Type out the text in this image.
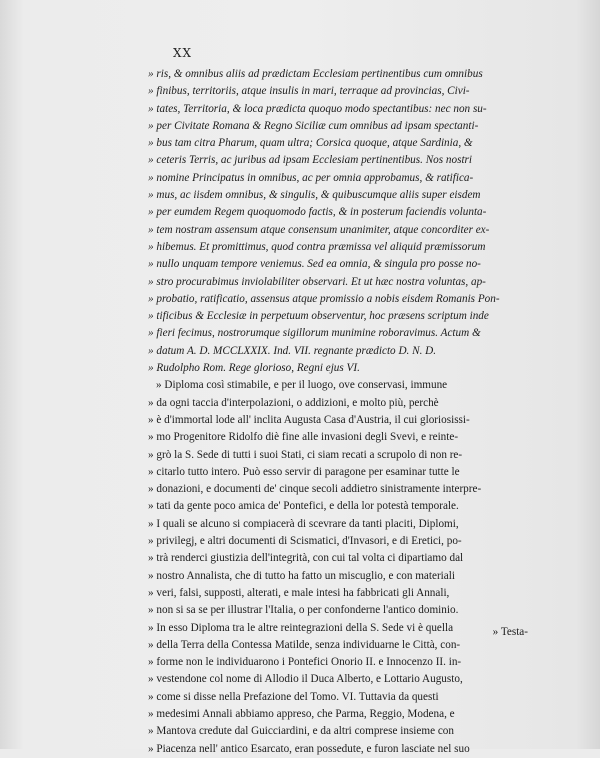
XX
» ris, & omnibus aliis ad prædictam Ecclesiam pertinentibus cum omnibus
» finibus, territoriis, atque insulis in mari, terraque ad provincias, Civi-
» tates, Territoria, & loca prædicta quoquo modo spectantibus: nec non su-
» per Civitate Romana & Regno Siciliæ cum omnibus ad ipsam spectanti-
» bus tam citra Pharum, quam ultra; Corsica quoque, atque Sardinia, &
» ceteris Terris, ac juribus ad ipsam Ecclesiam pertinentibus. Nos nostri
» nomine Principatus in omnibus, ac per omnia approbamus, & ratifica-
» mus, ac iisdem omnibus, & singulis, & quibuscumque aliis super eisdem
» per eumdem Regem quoquomodo factis, & in posterum faciendis volunta-
» tem nostram assensum atque consensum unanimiter, atque concorditer ex-
» hibemus. Et promittimus, quod contra præmissa vel aliquid præmissorum
» nullo unquam tempore veniemus. Sed ea omnia, & singula pro posse no-
» stro procurabimus inviolabiliter observari. Et ut hæc nostra voluntas, ap-
» probatio, ratificatio, assensus atque promissio a nobis eisdem Romanis Pon-
» tificibus & Ecclesiæ in perpetuum observentur, hoc præsens scriptum inde
» fieri fecimus, nostrorumque sigillorum munimine roboravimus. Actum &
» datum A. D. MCCLXXIX. Ind. VII. regnante prædicto D. N. D.
» Rudolpho Rom. Rege glorioso, Regni ejus VI.
» Diploma così stimabile, e per il luogo, ove conservasi, immune
» da ogni taccia d'interpolazioni, o addizioni, e molto più, perchè
» è d'immortal lode all' inclita Augusta Casa d'Austria, il cui gloriosissi-
» mo Progenitore Ridolfo diè fine alle invasioni degli Svevi, e reinte-
» grò la S. Sede di tutti i suoi Stati, ci siam recati a scrupolo di non re-
» citarlo tutto intero. Può esso servir di paragone per esaminar tutte le
» donazioni, e documenti de' cinque secoli addietro sinistramente interpre-
» tati da gente poco amica de' Pontefici, e della lor potestà temporale.
» I quali se alcuno si compiacerà di scevrare da tanti placiti, Diplomi,
» privilegj, e altri documenti di Scismatici, d'Invasori, e di Eretici, po-
» trà renderci giustizia dell'integrità, con cui tal volta ci dipartiamo dal
» nostro Annalista, che di tutto ha fatto un miscuglio, e con materiali
» veri, falsi, supposti, alterati, e male intesi ha fabbricati gli Annali,
» non si sa se per illustrar l'Italia, o per confonderne l'antico dominio.
» In esso Diploma tra le altre reintegrazioni della S. Sede vi è quella
» della Terra della Contessa Matilde, senza individuarne le Città, con-
» forme non le individuarono i Pontefici Onorio II. e Innocenzo II. in-
» vestendone col nome di Allodio il Duca Alberto, e Lottario Augusto,
» come si disse nella Prefazione del Tomo. VI. Tuttavia da questi
» medesimi Annali abbiamo appreso, che Parma, Reggio, Modena, e
» Mantova credute dal Guicciardini, e da altri comprese insieme con
» Piacenza nell' antico Esarcato, eran possedute, e furon lasciate nel suo
» Testa-
